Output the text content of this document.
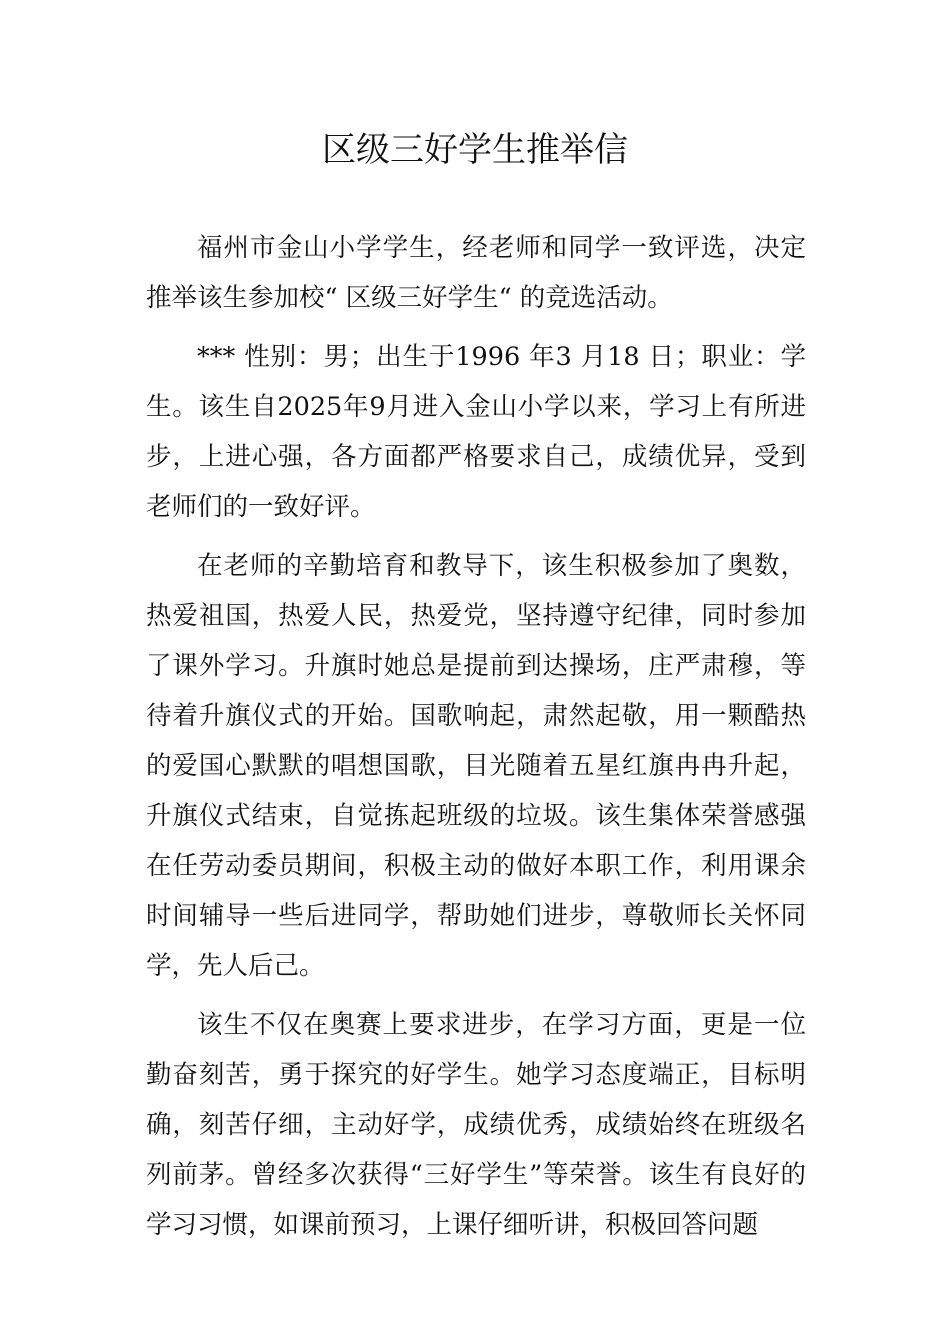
区级三好学生推举信

福州市金山小学学生，经老师和同学一致评选，决定推举该生参加校“ 区级三好学生“ 的竞选活动。

*** 性别：男；出生于1996 年3 月18 日；职业：学生。该生自2025年9月进入金山小学以来，学习上有所进步，上进心强，各方面都严格要求自己，成绩优异，受到老师们的一致好评。

在老师的辛勤培育和教导下，该生积极参加了奥数，热爱祖国，热爱人民，热爱党，坚持遵守纪律，同时参加了课外学习。升旗时她总是提前到达操场，庄严肃穆，等待着升旗仪式的开始。国歌响起，肃然起敬，用一颗酷热的爱国心默默的唱想国歌，目光随着五星红旗冉冉升起，升旗仪式结束，自觉拣起班级的垃圾。该生集体荣誉感强在任劳动委员期间，积极主动的做好本职工作，利用课余时间辅导一些后进同学，帮助她们进步，尊敬师长关怀同学，先人后己。

该生不仅在奥赛上要求进步，在学习方面，更是一位勤奋刻苦，勇于探究的好学生。她学习态度端正，目标明确，刻苦仔细，主动好学，成绩优秀，成绩始终在班级名列前茅。曾经多次获得“三好学生”等荣誉。该生有良好的学习习惯，如课前预习，上课仔细听讲，积极回答问题
